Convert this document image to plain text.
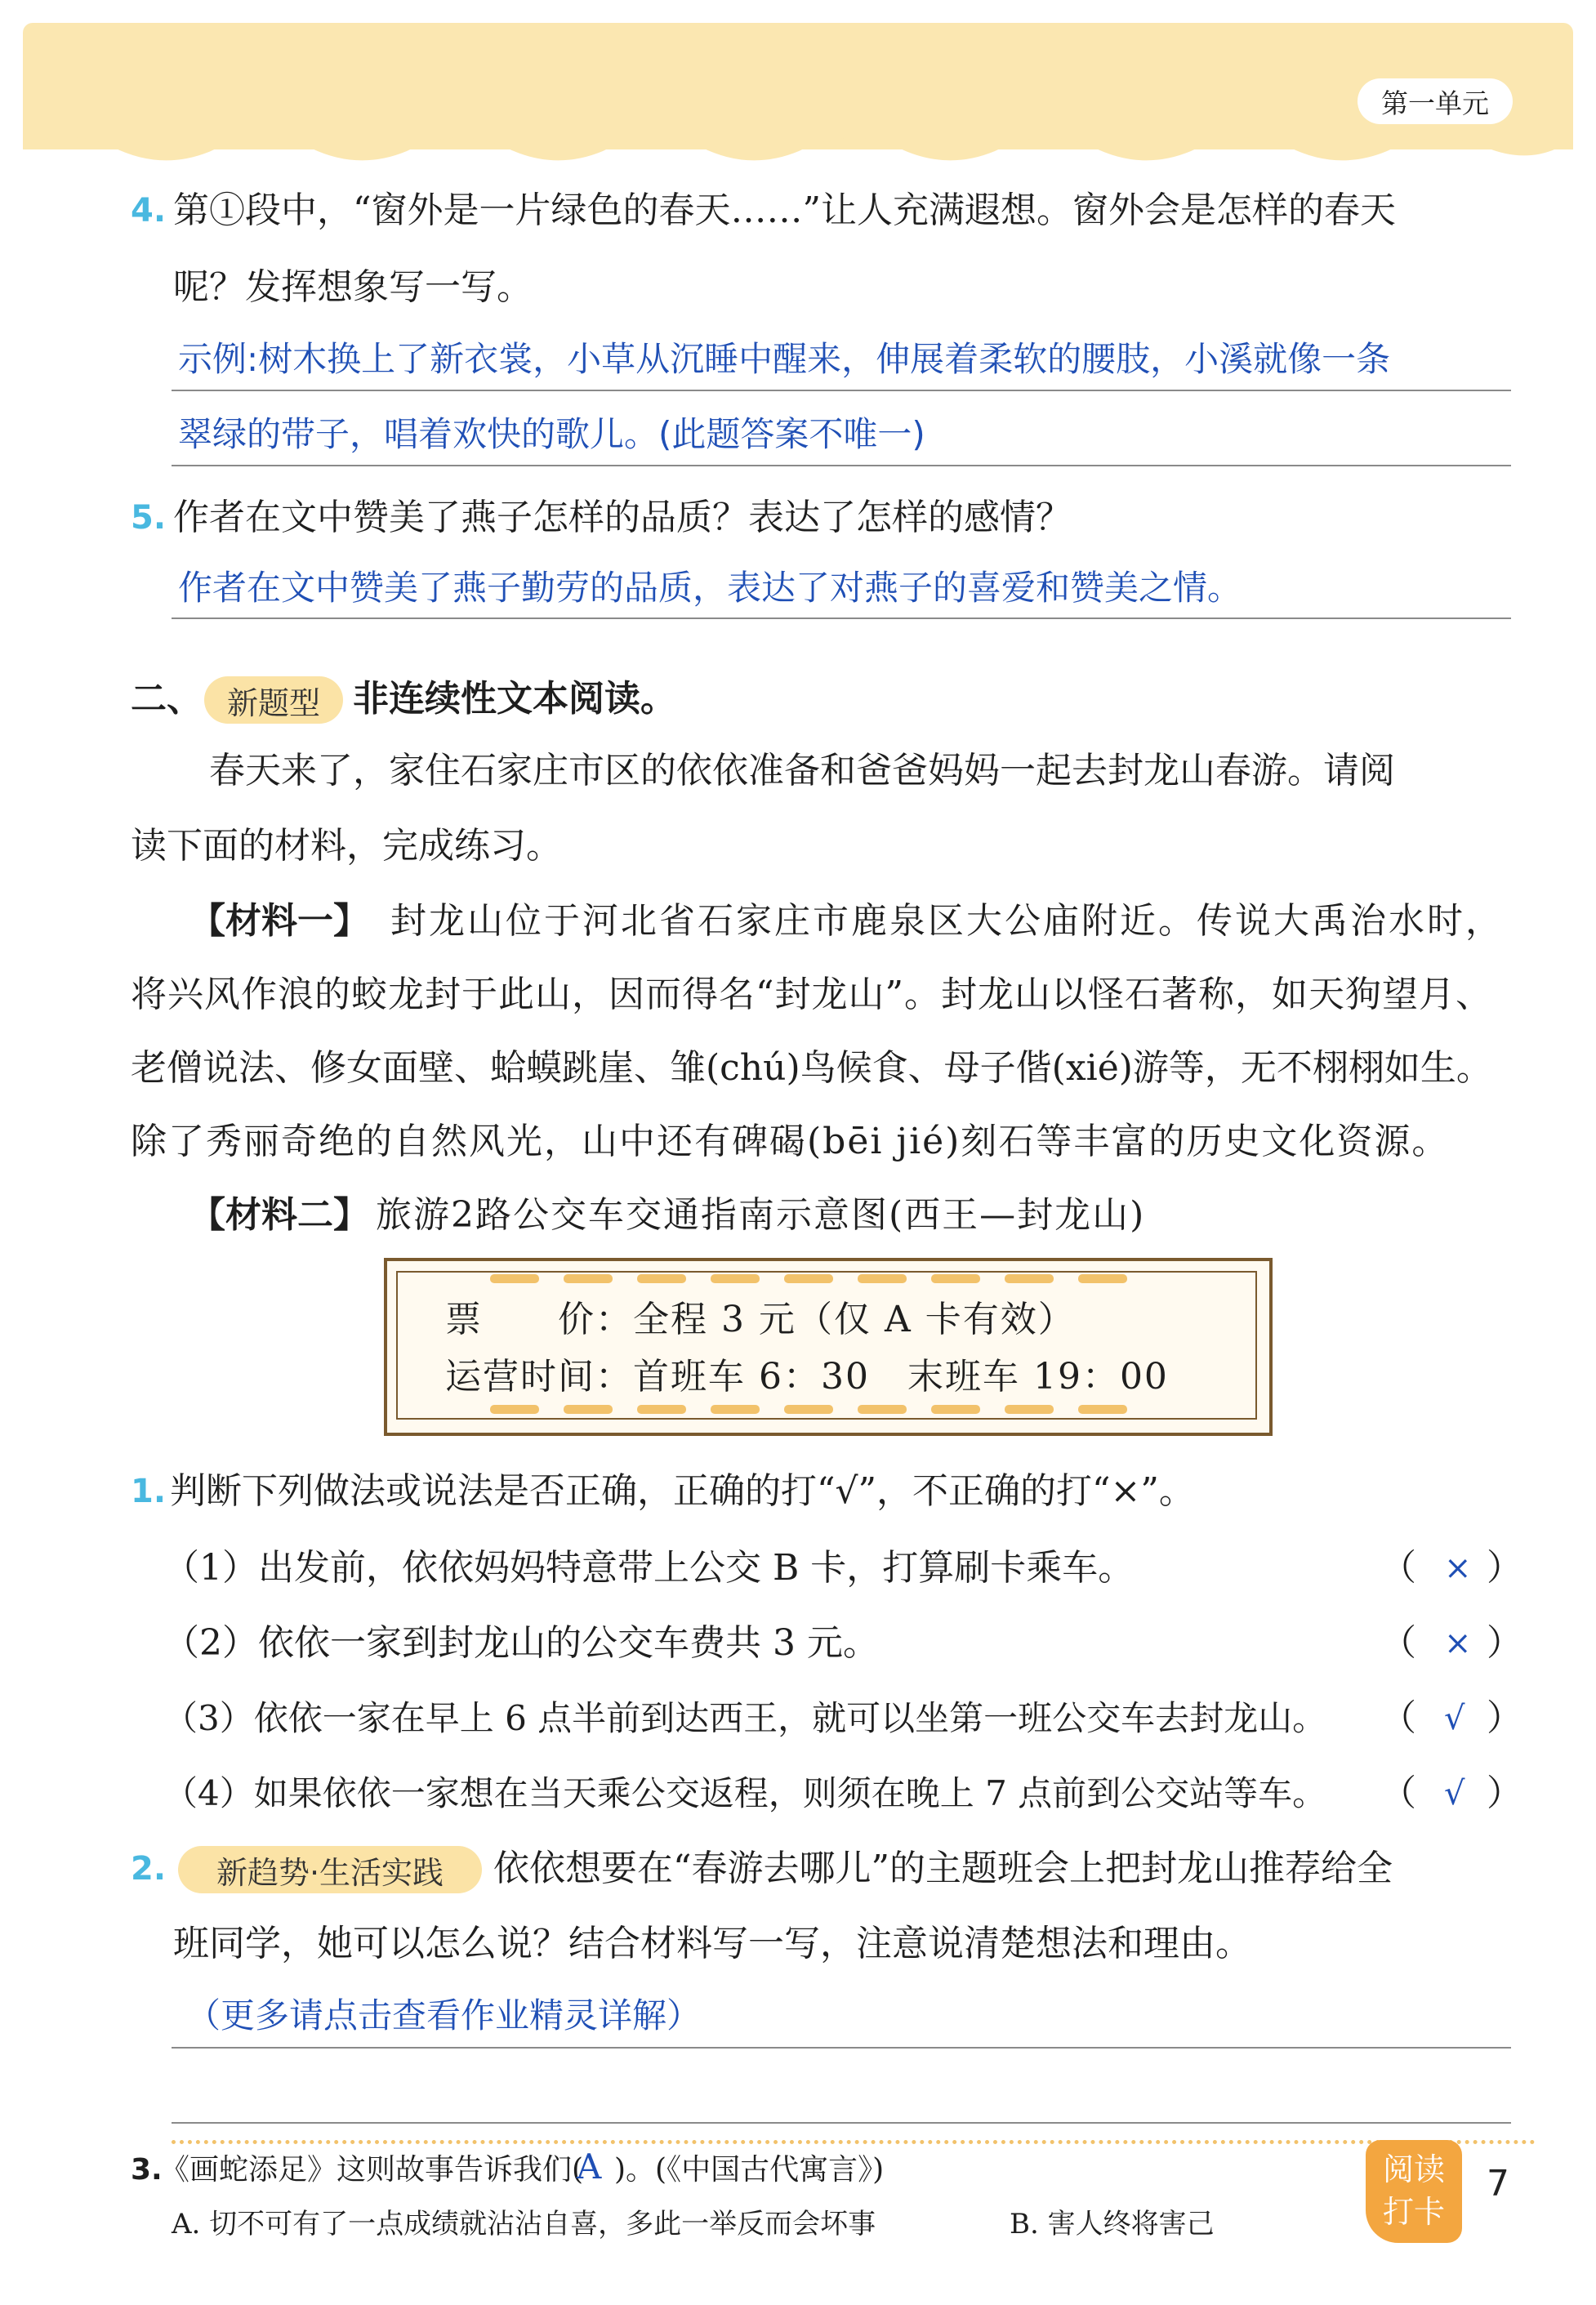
第一单元
4. 第①段中，“窗外是一片绿色的春天……”让人充满遐想。窗外会是怎样的春天
呢？发挥想象写一写。
示例:树木换上了新衣裳，小草从沉睡中醒来，伸展着柔软的腰肢，小溪就像一条
翠绿的带子，唱着欢快的歌儿。(此题答案不唯一)
5. 作者在文中赞美了燕子怎样的品质？表达了怎样的感情？
作者在文中赞美了燕子勤劳的品质，表达了对燕子的喜爱和赞美之情。
二、 新题型 非连续性文本阅读。
春天来了，家住石家庄市区的依依准备和爸爸妈妈一起去封龙山春游。请阅
读下面的材料，完成练习。
【材料一】 封龙山位于河北省石家庄市鹿泉区大公庙附近。传说大禹治水时，
将兴风作浪的蛟龙封于此山，因而得名“封龙山”。封龙山以怪石著称，如天狗望月、
老僧说法、修女面壁、蛤蟆跳崖、雏(chú)鸟候食、母子偕(xié)游等，无不栩栩如生。
除了秀丽奇绝的自然风光，山中还有碑碣(bēi jié)刻石等丰富的历史文化资源。
【材料二】 旅游2路公交车交通指南示意图(西王—封龙山)
票　　价：全程 3 元（仅 A 卡有效）
运营时间：首班车 6：30　末班车 19：00
1. 判断下列做法或说法是否正确，正确的打“√”，不正确的打“×”。
（1）出发前，依依妈妈特意带上公交 B 卡，打算刷卡乘车。	（ × ）
（2）依依一家到封龙山的公交车费共 3 元。	（ × ）
（3）依依一家在早上 6 点半前到达西王，就可以坐第一班公交车去封龙山。 （ √ ）
（4）如果依依一家想在当天乘公交返程，则须在晚上 7 点前到公交站等车。 （ √ ）
2.	新趋势·生活实践	依依想要在“春游去哪儿”的主题班会上把封龙山推荐给全
班同学，她可以怎么说？结合材料写一写，注意说清楚想法和理由。
（更多请点击查看作业精灵详解）
3.
《画蛇添足》这则故事告诉我们(
A )。(《中国古代寓言》)
A. 切不可有了一点成绩就沾沾自喜，多此一举反而会坏事	B. 害人终将害己
阅读
打卡
7
